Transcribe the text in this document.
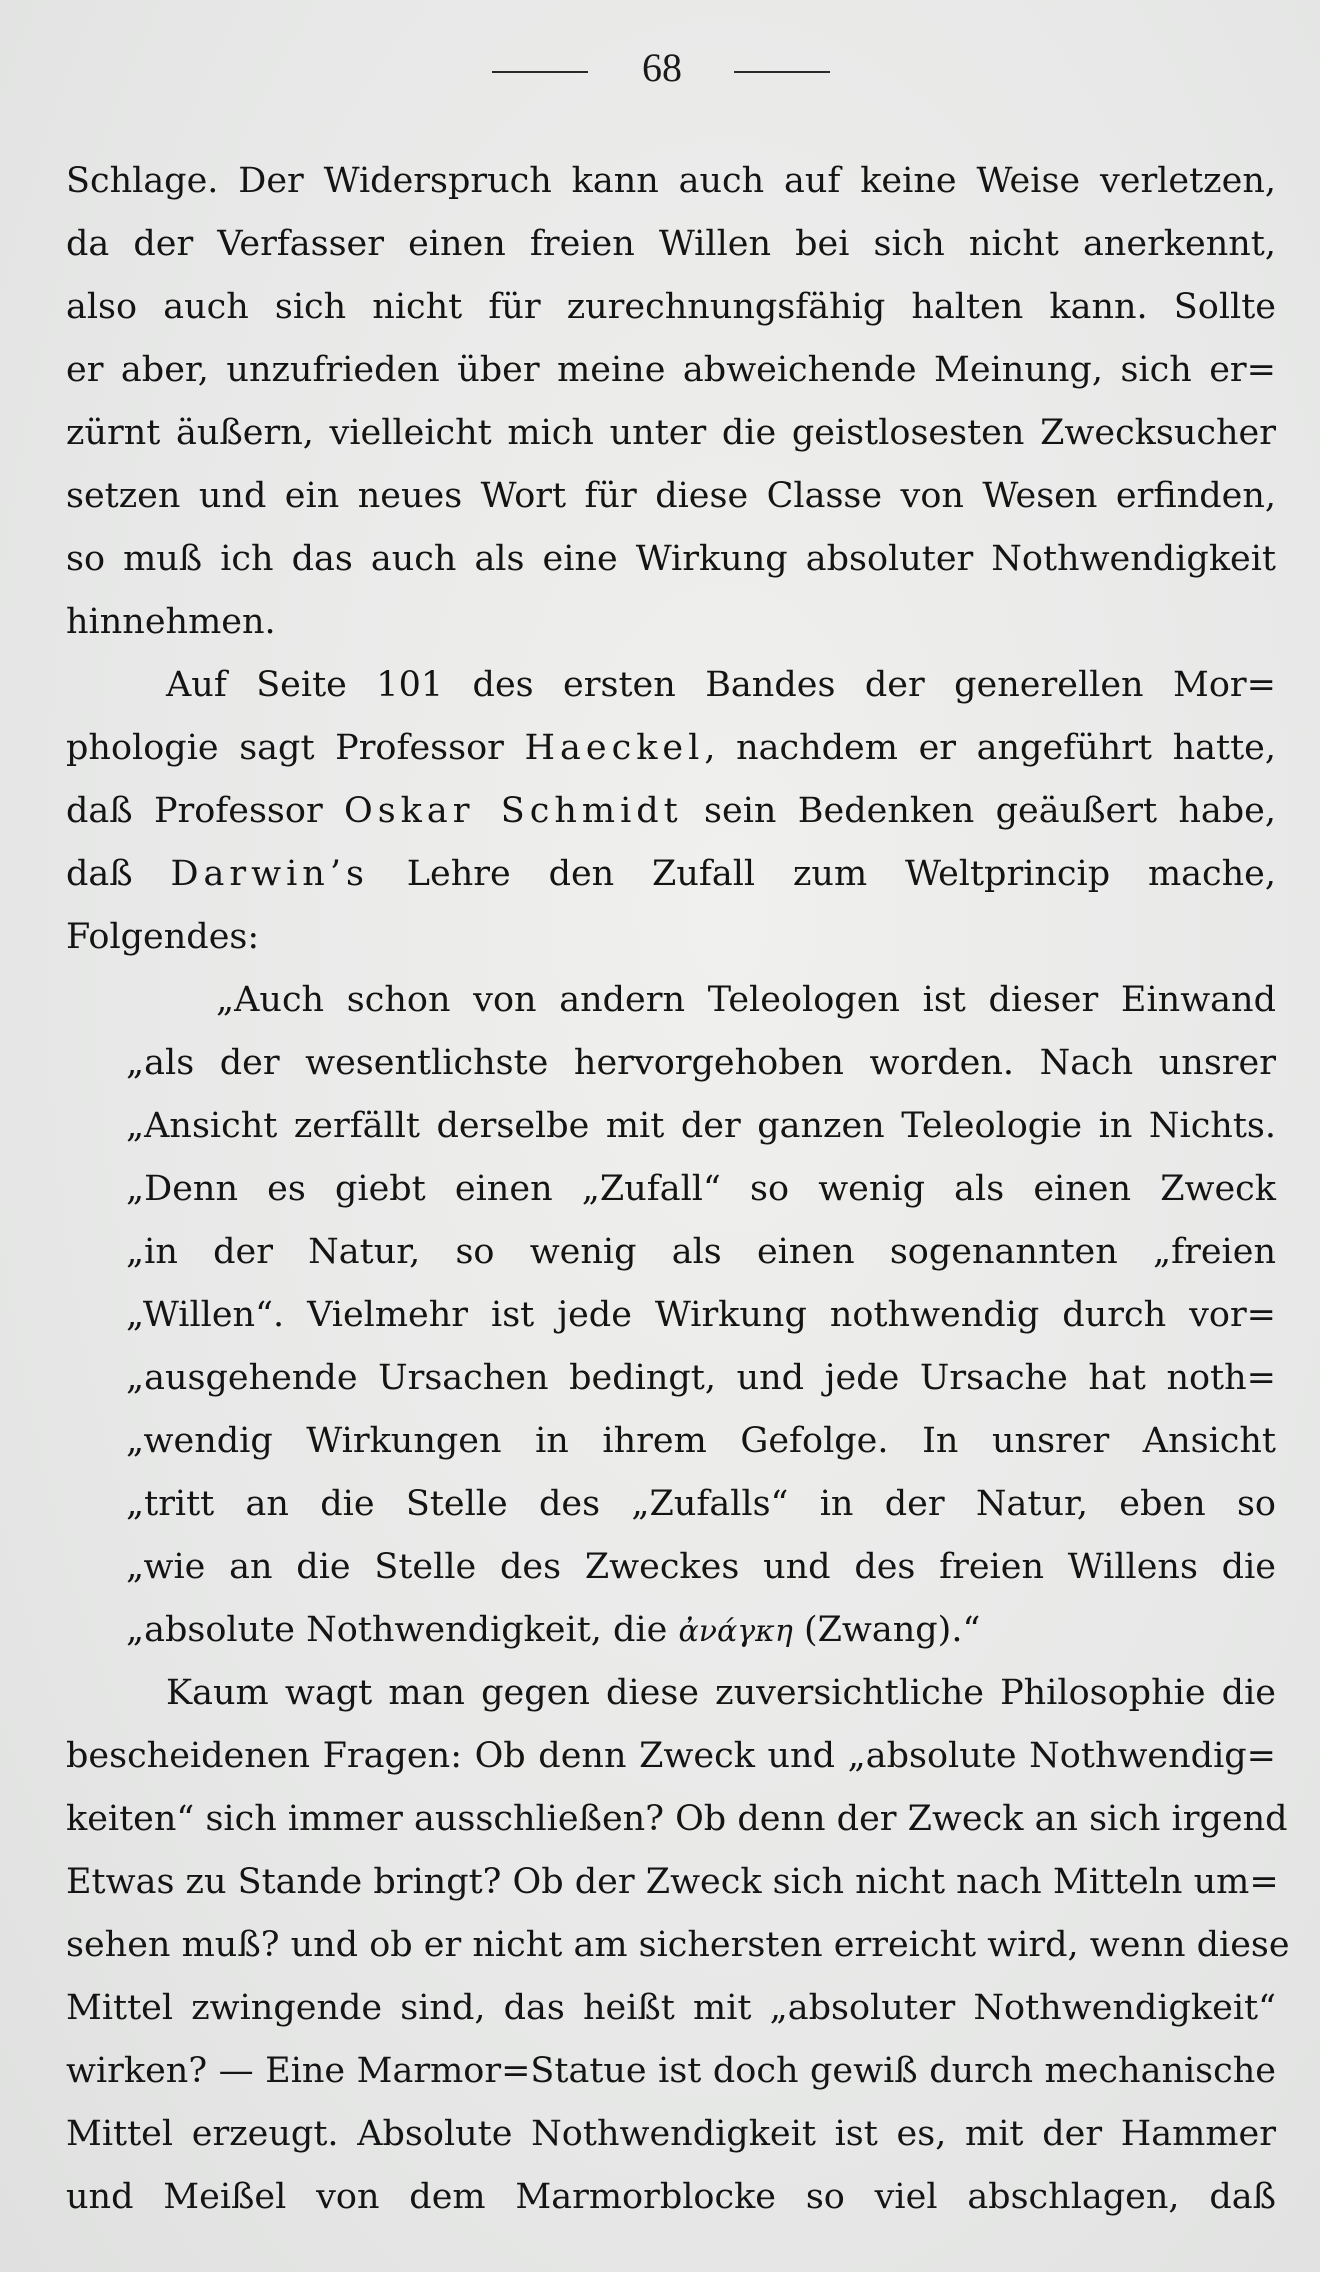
68
Schlage. Der Widerspruch kann auch auf keine Weise verletzen,
da der Verfasser einen freien Willen bei sich nicht anerkennt,
also auch sich nicht für zurechnungsfähig halten kann. Sollte
er aber, unzufrieden über meine abweichende Meinung, sich er=
zürnt äußern, vielleicht mich unter die geistlosesten Zwecksucher
setzen und ein neues Wort für diese Classe von Wesen erfinden,
so muß ich das auch als eine Wirkung absoluter Nothwendigkeit
hinnehmen.
Auf Seite 101 des ersten Bandes der generellen Mor=
phologie sagt Professor Haeckel, nachdem er angeführt hatte,
daß Professor Oskar Schmidt sein Bedenken geäußert habe,
daß Darwin’s Lehre den Zufall zum Weltprincip mache,
Folgendes:
„Auch schon von andern Teleologen ist dieser Einwand
„als der wesentlichste hervorgehoben worden. Nach unsrer
„Ansicht zerfällt derselbe mit der ganzen Teleologie in Nichts.
„Denn es giebt einen „Zufall“ so wenig als einen Zweck
„in der Natur, so wenig als einen sogenannten „freien
„Willen“. Vielmehr ist jede Wirkung nothwendig durch vor=
„ausgehende Ursachen bedingt, und jede Ursache hat noth=
„wendig Wirkungen in ihrem Gefolge. In unsrer Ansicht
„tritt an die Stelle des „Zufalls“ in der Natur, eben so
„wie an die Stelle des Zweckes und des freien Willens die
„absolute Nothwendigkeit, die ἀνάγκη (Zwang).“
Kaum wagt man gegen diese zuversichtliche Philosophie die
bescheidenen Fragen: Ob denn Zweck und „absolute Nothwendig=
keiten“ sich immer ausschließen? Ob denn der Zweck an sich irgend
Etwas zu Stande bringt? Ob der Zweck sich nicht nach Mitteln um=
sehen muß? und ob er nicht am sichersten erreicht wird, wenn diese
Mittel zwingende sind, das heißt mit „absoluter Nothwendigkeit“
wirken? — Eine Marmor=Statue ist doch gewiß durch mechanische
Mittel erzeugt. Absolute Nothwendigkeit ist es, mit der Hammer
und Meißel von dem Marmorblocke so viel abschlagen, daß
